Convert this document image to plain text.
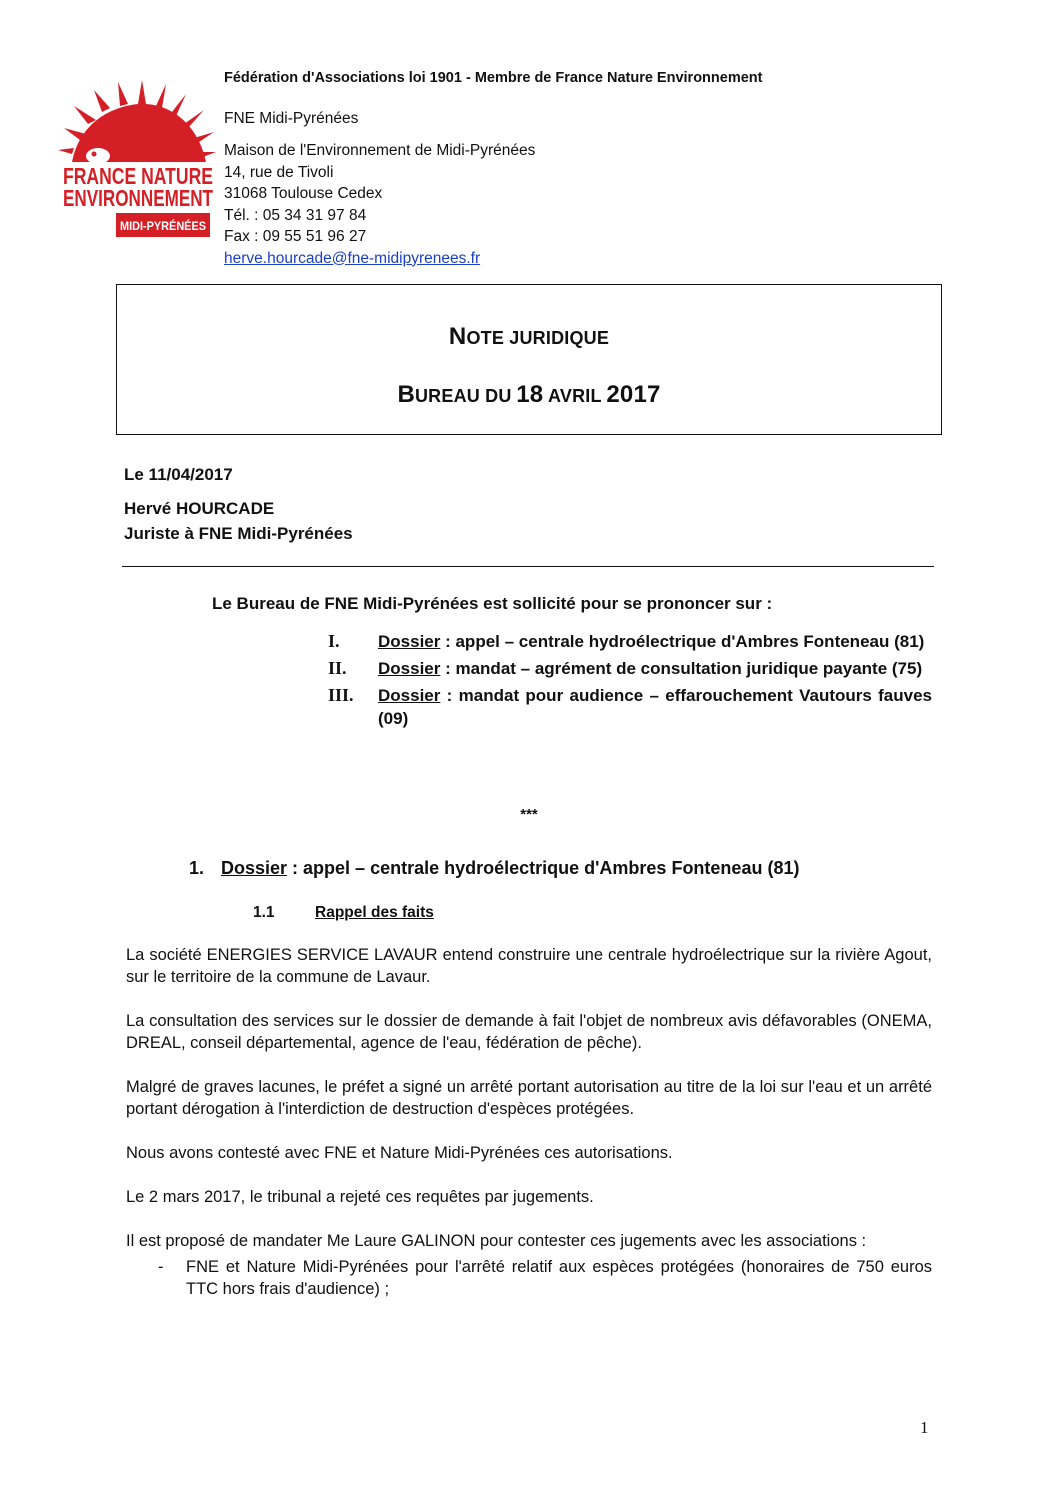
FRANCE NATURE
ENVIRONNEMENT
MIDI-PYRÉNÉES
Fédération d'Associations loi 1901 - Membre de France Nature Environnement
FNE Midi-Pyrénées
Maison de l'Environnement de Midi-Pyrénées
14, rue de Tivoli
31068 Toulouse Cedex
Tél. : 05 34 31 97 84
Fax : 09 55 51 96 27
herve.hourcade@fne-midipyrenees.fr
NOTE JURIDIQUE
BUREAU DU 18 AVRIL 2017
Le 11/04/2017
Hervé HOURCADE
Juriste à FNE Midi-Pyrénées
Le Bureau de FNE Midi-Pyrénées est sollicité pour se prononcer sur :
I. Dossier : appel – centrale hydroélectrique d'Ambres Fonteneau (81)
II. Dossier : mandat – agrément de consultation juridique payante (75)
III. Dossier : mandat pour audience – effarouchement Vautours fauves (09)
***
1. Dossier : appel – centrale hydroélectrique d'Ambres Fonteneau (81)
1.1	Rappel des faits

La société ENERGIES SERVICE LAVAUR entend construire une centrale hydroélectrique sur la rivière Agout, sur le territoire de la commune de Lavaur.

La consultation des services sur le dossier de demande à fait l'objet de nombreux avis défavorables (ONEMA, DREAL, conseil départemental, agence de l'eau, fédération de pêche).

Malgré de graves lacunes, le préfet a signé un arrêté portant autorisation au titre de la loi sur l'eau et un arrêté portant dérogation à l'interdiction de destruction d'espèces protégées.

Nous avons contesté avec FNE et Nature Midi-Pyrénées ces autorisations.

Le 2 mars 2017, le tribunal a rejeté ces requêtes par jugements.

Il est proposé de mandater Me Laure GALINON pour contester ces jugements avec les associations :

- FNE et Nature Midi-Pyrénées pour l'arrêté relatif aux espèces protégées (honoraires de 750 euros TTC hors frais d'audience) ;
1
